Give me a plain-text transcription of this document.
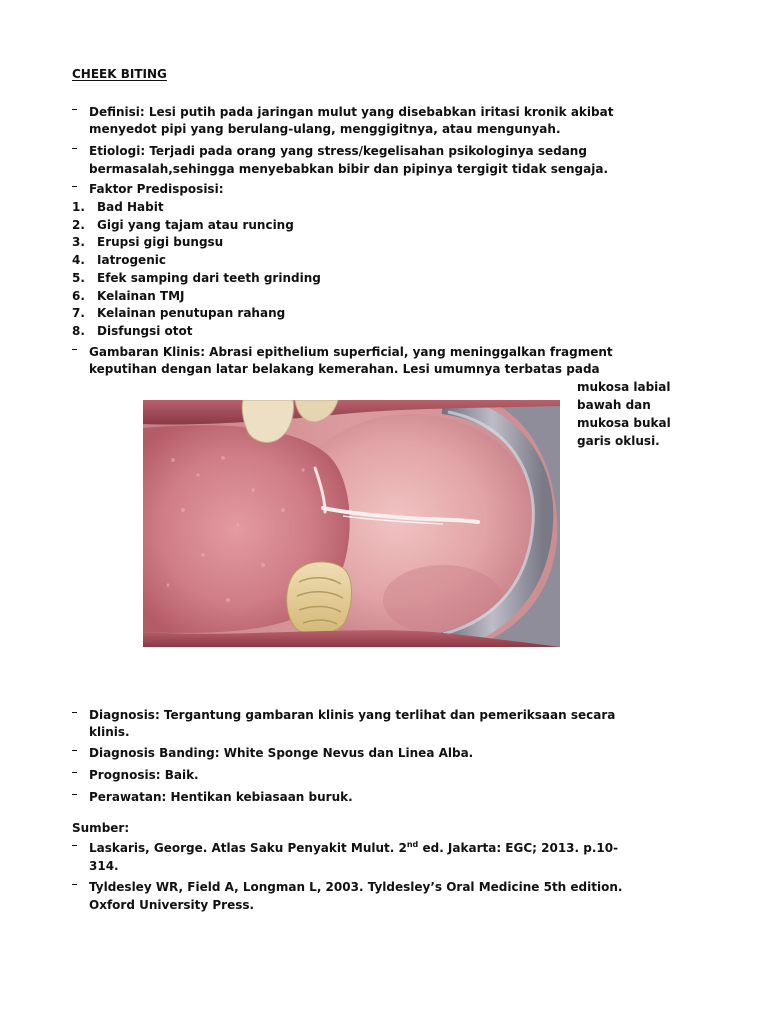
CHEEK BITING
Definisi: Lesi putih pada jaringan mulut yang disebabkan iritasi kronik akibat
menyedot pipi yang berulang-ulang, menggigitnya, atau mengunyah.
Etiologi: Terjadi pada orang yang stress/kegelisahan psikologinya sedang
bermasalah,sehingga menyebabkan bibir dan pipinya tergigit tidak sengaja.
Faktor Predisposisi:
1. Bad Habit
2. Gigi yang tajam atau runcing
3. Erupsi gigi bungsu
4. Iatrogenic
5. Efek samping dari teeth grinding
6. Kelainan TMJ
7. Kelainan penutupan rahang
8. Disfungsi otot
Gambaran Klinis: Abrasi epithelium superficial, yang meninggalkan fragment
keputihan dengan latar belakang kemerahan. Lesi umumnya terbatas pada
mukosa labial
bawah dan
mukosa bukal
garis oklusi.
Diagnosis: Tergantung gambaran klinis yang terlihat dan pemeriksaan secara
klinis.
Diagnosis Banding: White Sponge Nevus dan Linea Alba.
Prognosis: Baik.
Perawatan: Hentikan kebiasaan buruk.
Sumber:
Laskaris, George. Atlas Saku Penyakit Mulut. 2nd ed. Jakarta: EGC; 2013. p.10-
314.
Tyldesley WR, Field A, Longman L, 2003. Tyldesley’s Oral Medicine 5th edition.
Oxford University Press.
